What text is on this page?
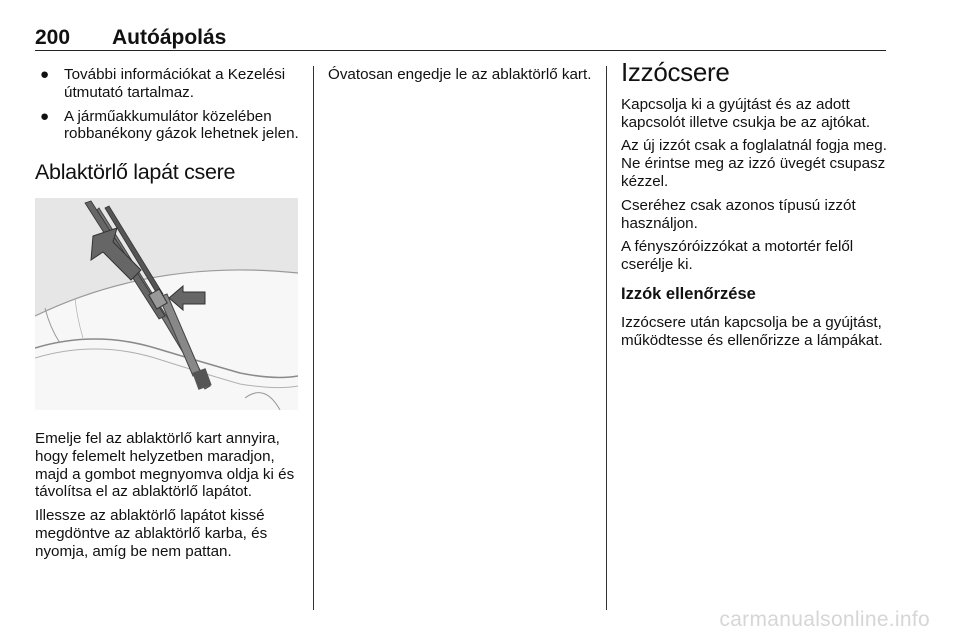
200 Autóápolás
● További információkat a Kezelési útmutató tartalmaz.
● A járműakkumulátor közelében robbanékony gázok lehetnek jelen.
Ablaktörlő lapát csere

Emelje fel az ablaktörlő kart annyira, hogy felemelt helyzetben maradjon, majd a gombot megnyomva oldja ki és távolítsa el az ablaktörlő lapátot.

Illessze az ablaktörlő lapátot kissé megdöntve az ablaktörlő karba, és nyomja, amíg be nem pattan.

Óvatosan engedje le az ablaktörlő kart. Izzócsere

Kapcsolja ki a gyújtást és az adott kapcsolót illetve csukja be az ajtókat.

Az új izzót csak a foglalatnál fogja meg. Ne érintse meg az izzó üvegét csupasz kézzel.

Cseréhez csak azonos típusú izzót használjon.

A fényszóróizzókat a motortér felől cserélje ki.

Izzók ellenőrzése

Izzócsere után kapcsolja be a gyújtást, működtesse és ellenőrizze a lámpákat.

carmanualsonline.info
